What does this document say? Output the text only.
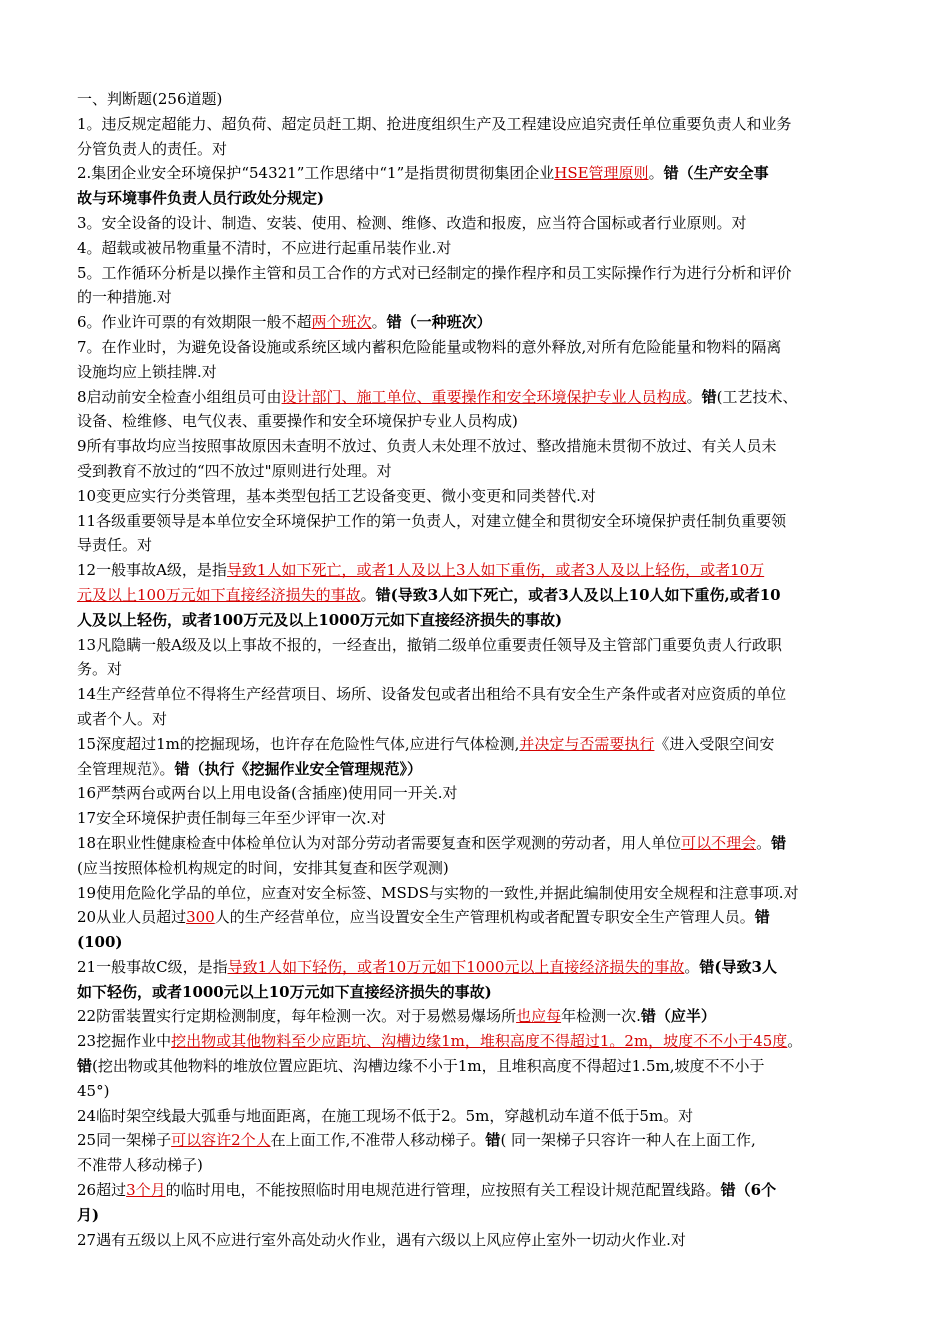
一、判断题(256道题)
1。违反规定超能力、超负荷、超定员赶工期、抢进度组织生产及工程建设应追究责任单位重要负责人和业务
分管负责人的责任。对
2.集团企业安全环境保护“54321”工作思绪中“1”是指贯彻贯彻集团企业HSE管理原则。错（生产安全事
故与环境事件负责人员行政处分规定)
3。安全设备的设计、制造、安装、使用、检测、维修、改造和报废，应当符合国标或者行业原则。对
4。超载或被吊物重量不清时，不应进行起重吊装作业.对
5。工作循环分析是以操作主管和员工合作的方式对已经制定的操作程序和员工实际操作行为进行分析和评价
的一种措施.对
6。作业许可票的有效期限一般不超两个班次。错（一种班次）
7。在作业时，为避免设备设施或系统区域内蓄积危险能量或物料的意外释放,对所有危险能量和物料的隔离
设施均应上锁挂牌.对
8启动前安全检查小组组员可由设计部门、施工单位、重要操作和安全环境保护专业人员构成。错(工艺技术、
设备、检维修、电气仪表、重要操作和安全环境保护专业人员构成)
9所有事故均应当按照事故原因未查明不放过、负责人未处理不放过、整改措施未贯彻不放过、有关人员未
受到教育不放过的“四不放过"原则进行处理。对
10变更应实行分类管理，基本类型包括工艺设备变更、微小变更和同类替代.对
11各级重要领导是本单位安全环境保护工作的第一负责人，对建立健全和贯彻安全环境保护责任制负重要领
导责任。对
12一般事故A级，是指导致1人如下死亡，或者1人及以上3人如下重伤，或者3人及以上轻伤，或者10万
元及以上100万元如下直接经济损失的事故。错(导致3人如下死亡，或者3人及以上10人如下重伤,或者10
人及以上轻伤，或者100万元及以上1000万元如下直接经济损失的事故)
13凡隐瞒一般A级及以上事故不报的，一经查出，撤销二级单位重要责任领导及主管部门重要负责人行政职
务。对
14生产经营单位不得将生产经营项目、场所、设备发包或者出租给不具有安全生产条件或者对应资质的单位
或者个人。对
15深度超过1m的挖掘现场，也许存在危险性气体,应进行气体检测,并决定与否需要执行《进入受限空间安
全管理规范》。错（执行《挖掘作业安全管理规范》）
16严禁两台或两台以上用电设备(含插座)使用同一开关.对
17安全环境保护责任制每三年至少评审一次.对
18在职业性健康检查中体检单位认为对部分劳动者需要复查和医学观测的劳动者，用人单位可以不理会。错
(应当按照体检机构规定的时间，安排其复查和医学观测)
19使用危险化学品的单位，应查对安全标签、MSDS与实物的一致性,并据此编制使用安全规程和注意事项.对
20从业人员超过300人的生产经营单位，应当设置安全生产管理机构或者配置专职安全生产管理人员。错
(100)
21一般事故C级，是指导致1人如下轻伤，或者10万元如下1000元以上直接经济损失的事故。错(导致3人
如下轻伤，或者1000元以上10万元如下直接经济损失的事故)
22防雷装置实行定期检测制度，每年检测一次。对于易燃易爆场所也应每年检测一次.错（应半）
23挖掘作业中挖出物或其他物料至少应距坑、沟槽边缘1m，堆积高度不得超过1。2m，坡度不不小于45度。
错(挖出物或其他物料的堆放位置应距坑、沟槽边缘不小于1m，且堆积高度不得超过1.5m,坡度不不小于
45°)
24临时架空线最大弧垂与地面距离，在施工现场不低于2。5m，穿越机动车道不低于5m。对
25同一架梯子可以容许2个人在上面工作,不准带人移动梯子。错( 同一架梯子只容许一种人在上面工作,
不准带人移动梯子)
26超过3个月的临时用电，不能按照临时用电规范进行管理，应按照有关工程设计规范配置线路。错（6个
月)
27遇有五级以上风不应进行室外高处动火作业，遇有六级以上风应停止室外一切动火作业.对
